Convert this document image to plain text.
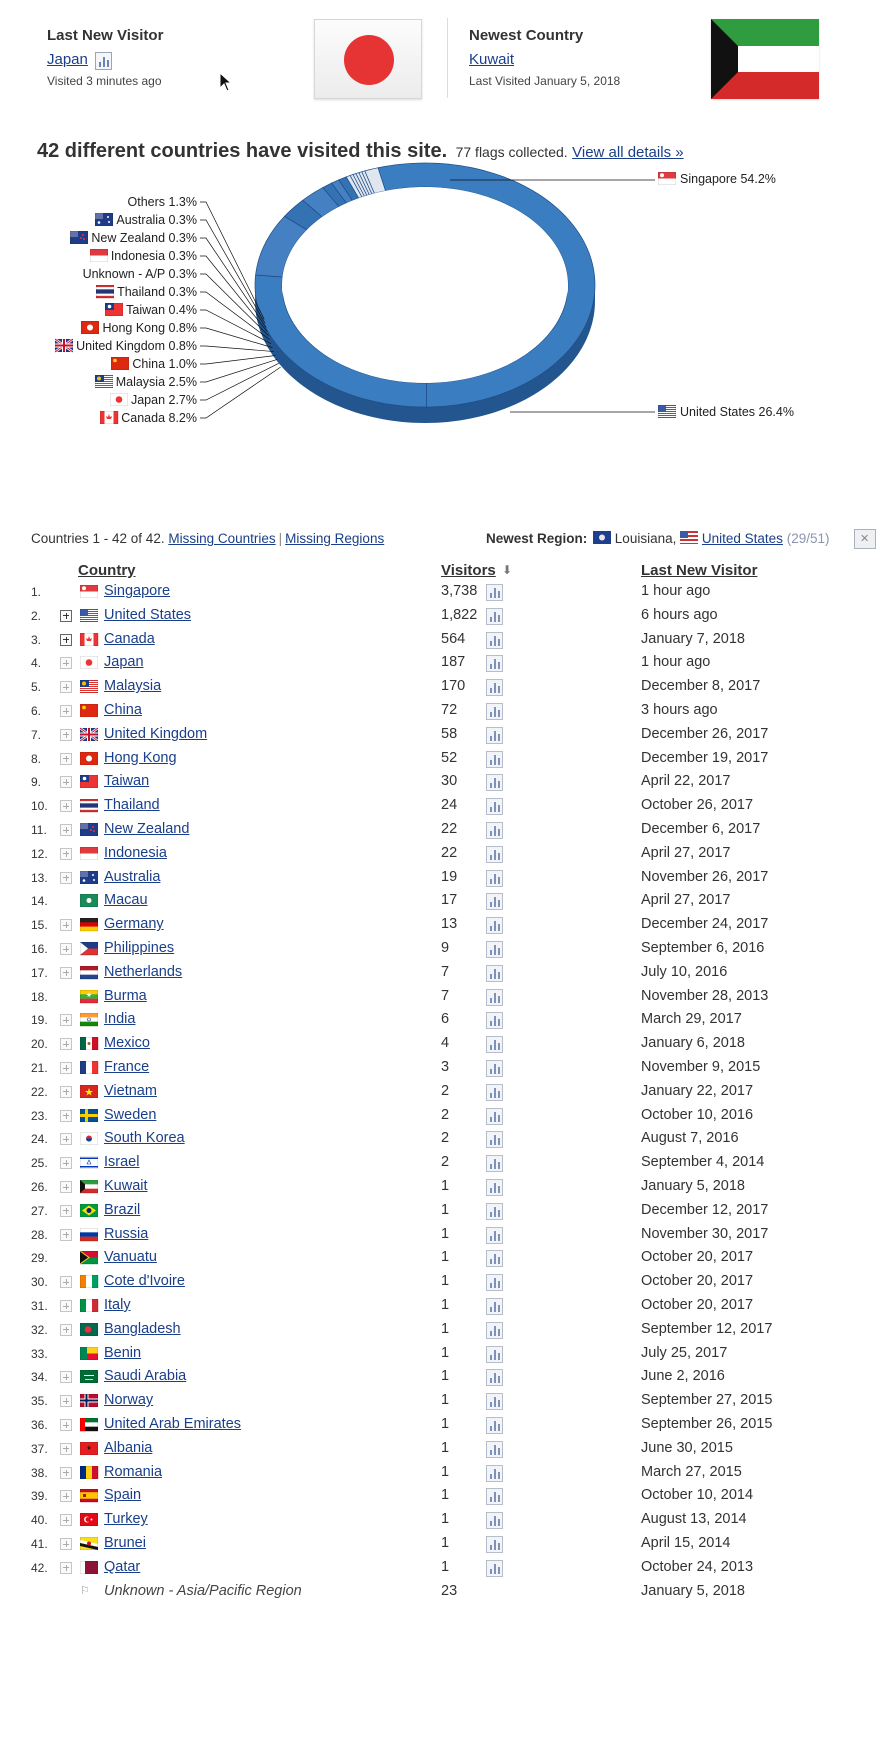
Last New Visitor
Japan
Visited 3 minutes ago
Newest Country
Kuwait
Last Visited January 5, 2018
42 different countries have visited this site. 77 flags collected. View all details »
Singapore 54.2%
United States 26.4%
Others 1.3%
Australia 0.3%
New Zealand 0.3%
Indonesia 0.3%
Unknown - A/P 0.3%
Thailand 0.3%
Taiwan 0.4%
Hong Kong 0.8%
United Kingdom 0.8%
China 1.0%
Malaysia 2.5%
Japan 2.7%
Canada 8.2%
Countries 1 - 42 of 42. Missing Countries | Missing Regions	Newest Region: Louisiana, United States (29/51)
✕
Country	Visitors ⬇	Last New Visitor
1.	Singapore	3,738	1 hour ago
2.	United States	1,822	6 hours ago
3.	Canada	564	January 7, 2018
4.	Japan	187	1 hour ago
5.	Malaysia	170	December 8, 2017
6.	China	72	3 hours ago
7.	United Kingdom	58	December 26, 2017
8.	Hong Kong	52	December 19, 2017
9.	Taiwan	30	April 22, 2017
10.	Thailand	24	October 26, 2017
11.	New Zealand	22	December 6, 2017
12.	Indonesia	22	April 27, 2017
13.	Australia	19	November 26, 2017
14.	Macau	17	April 27, 2017
15.	Germany	13	December 24, 2017
16.	Philippines	9	September 6, 2016
17.	Netherlands	7	July 10, 2016
18.	Burma	7	November 28, 2013
19.	India	6	March 29, 2017
20.	Mexico	4	January 6, 2018
21.	France	3	November 9, 2015
22.	Vietnam	2	January 22, 2017
23.	Sweden	2	October 10, 2016
24.	South Korea	2	August 7, 2016
25.	Israel	2	September 4, 2014
26.	Kuwait	1	January 5, 2018
27.	Brazil	1	December 12, 2017
28.	Russia	1	November 30, 2017
29.	Vanuatu	1	October 20, 2017
30.	Cote d'Ivoire	1	October 20, 2017
31.	Italy	1	October 20, 2017
32.	Bangladesh	1	September 12, 2017
33.	Benin	1	July 25, 2017
34.	Saudi Arabia	1	June 2, 2016
35.	Norway	1	September 27, 2015
36.	United Arab Emirates	1	September 26, 2015
37.	Albania	1	June 30, 2015
38.	Romania	1	March 27, 2015
39.	Spain	1	October 10, 2014
40.	Turkey	1	August 13, 2014
41.	Brunei	1	April 15, 2014
42.	Qatar	1	October 24, 2013
⚐ Unknown - Asia/Pacific Region	23	January 5, 2018
